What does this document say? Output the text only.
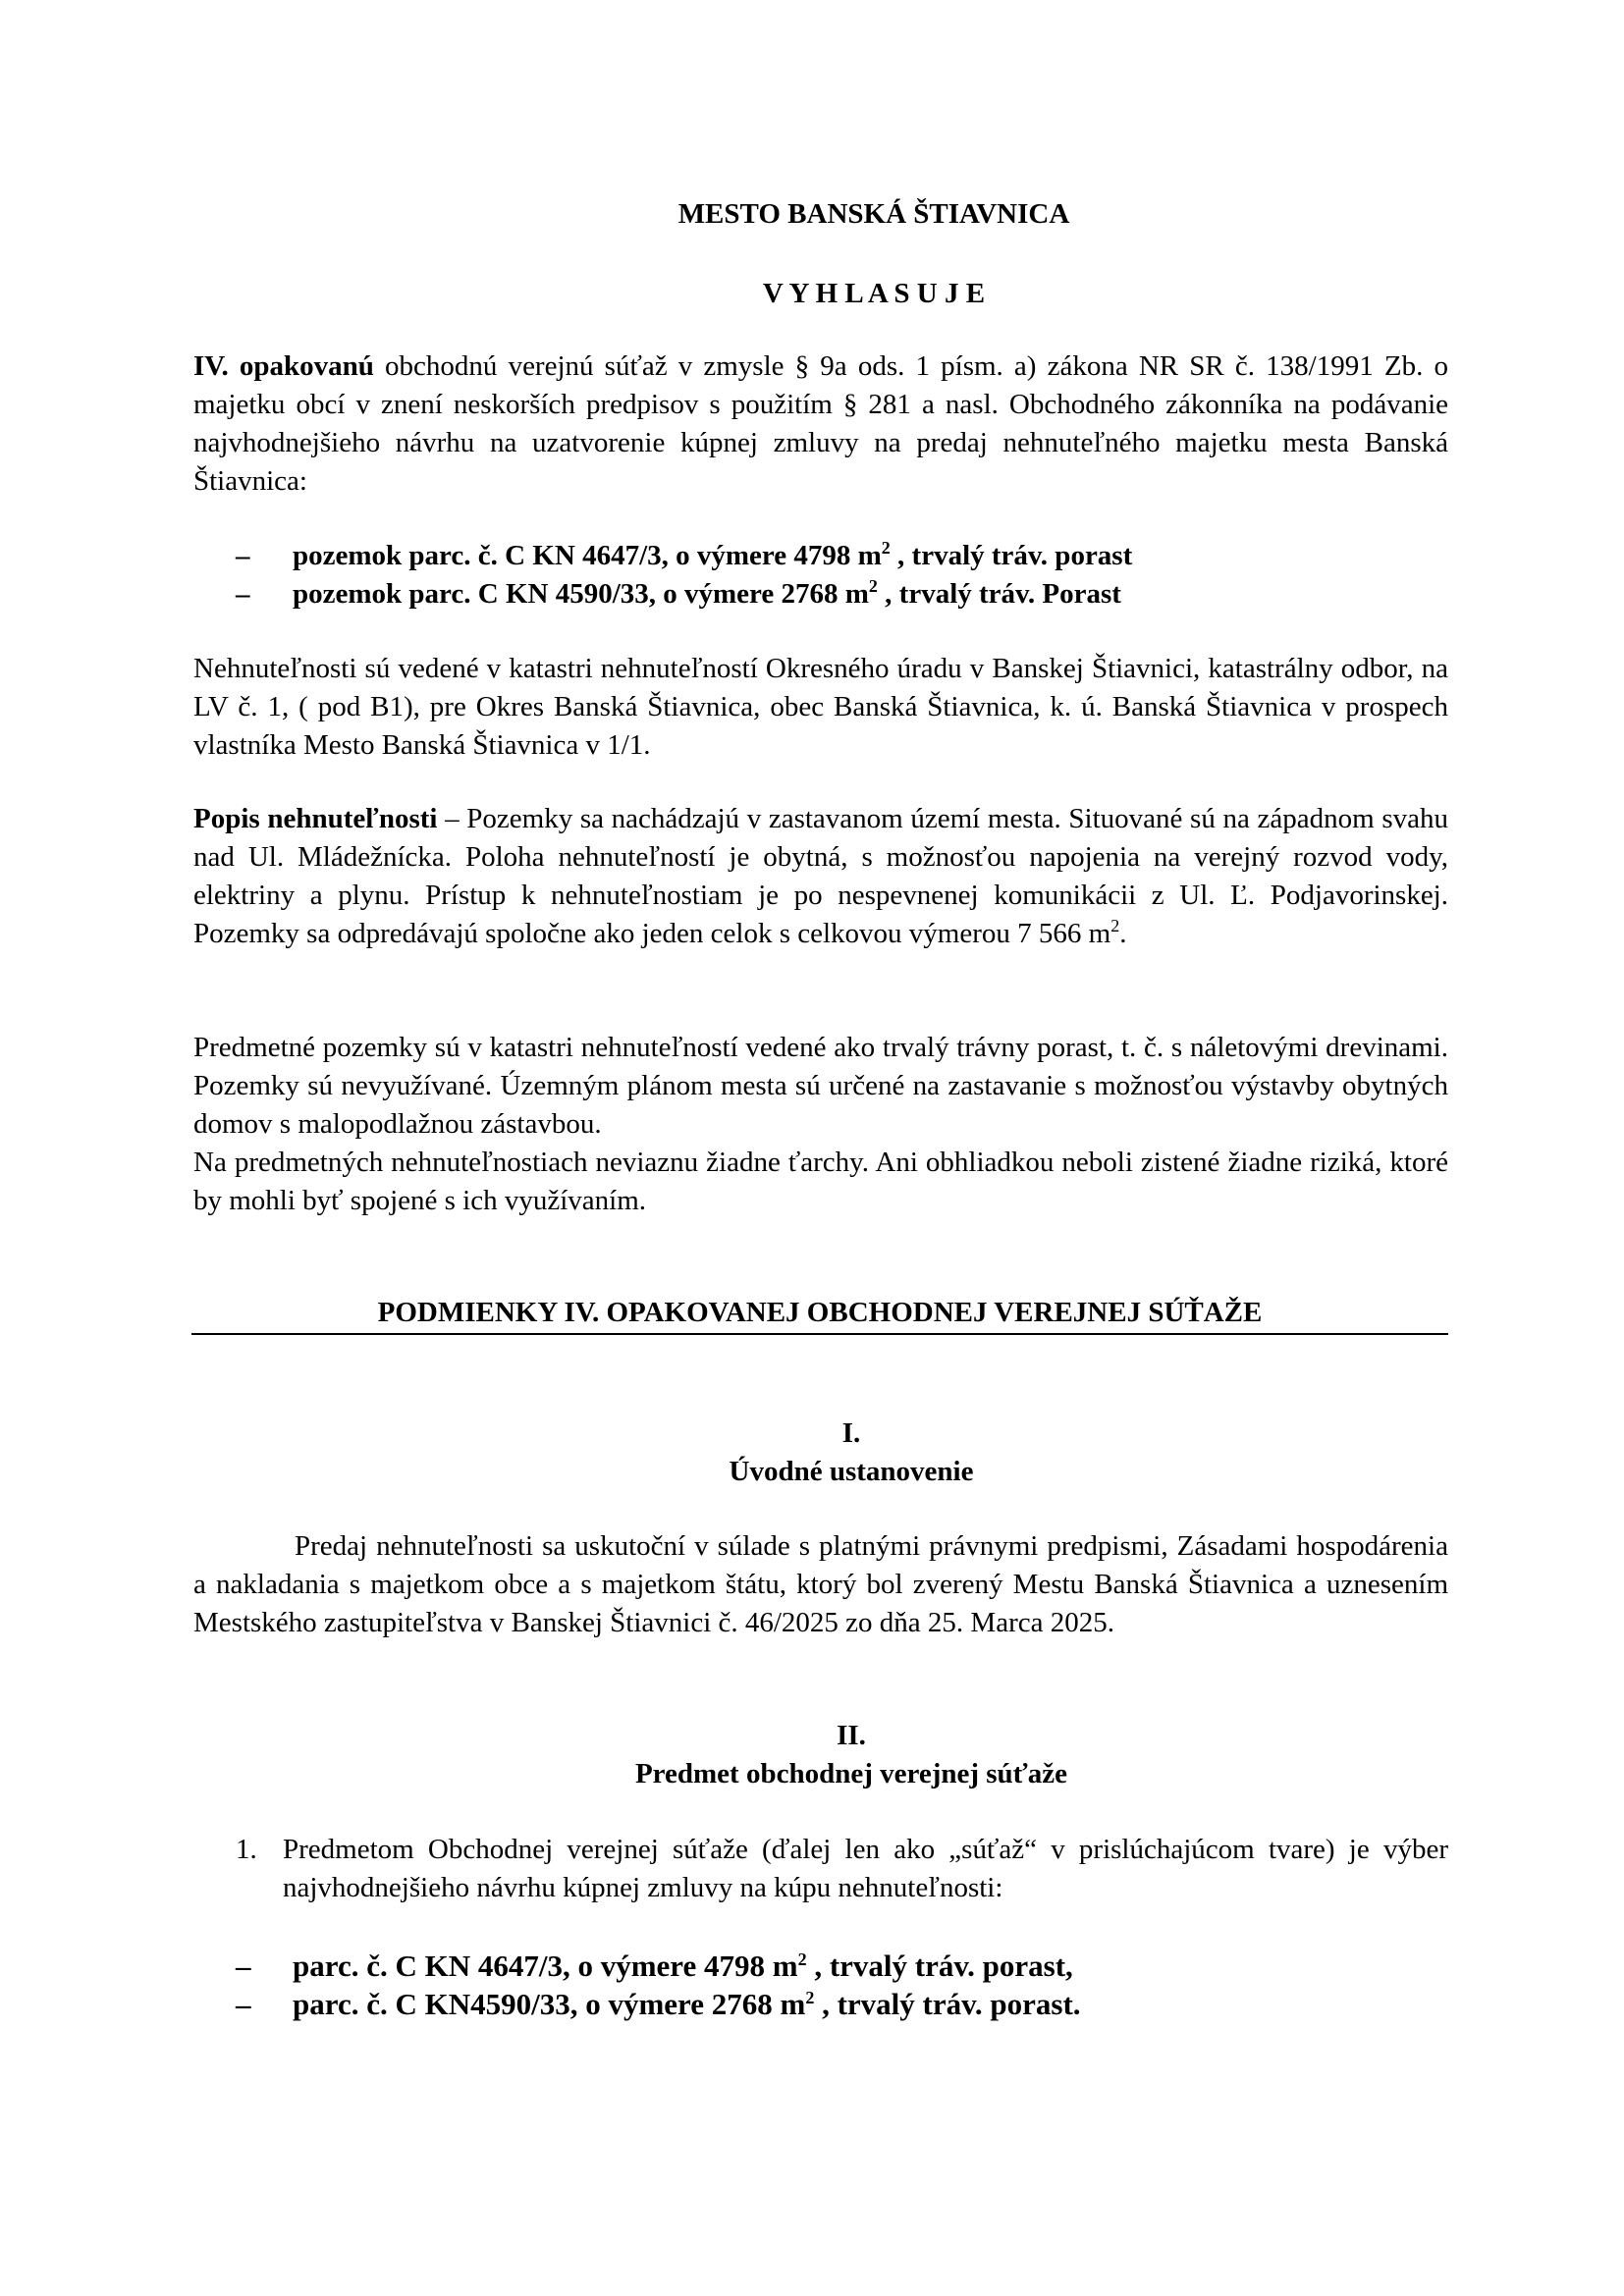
MESTO BANSKÁ ŠTIAVNICA
V Y H L A S U J E
IV. opakovanú obchodnú verejnú súťaž v zmysle § 9a ods. 1 písm. a) zákona NR SR č. 138/1991 Zb. o majetku obcí v znení neskorších predpisov s použitím § 281 a nasl. Obchodného zákonníka na podávanie najvhodnejšieho návrhu na uzatvorenie kúpnej zmluvy na predaj nehnuteľného majetku mesta Banská Štiavnica:
– pozemok parc. č. C KN 4647/3, o výmere 4798 $m^2$ , trvalý tráv. porast
– pozemok parc. C KN 4590/33, o výmere 2768 $m^2$ , trvalý tráv. Porast
Nehnuteľnosti sú vedené v katastri nehnuteľností Okresného úradu v Banskej Štiavnici, katastrálny odbor, na LV č. 1, ( pod B1), pre Okres Banská Štiavnica, obec Banská Štiavnica, k. ú. Banská Štiavnica v prospech vlastníka Mesto Banská Štiavnica v 1/1.
Popis nehnuteľnosti – Pozemky sa nachádzajú v zastavanom území mesta. Situované sú na západnom svahu nad Ul. Mládežnícka. Poloha nehnuteľností je obytná, s možnosťou napojenia na verejný rozvod vody, elektriny a plynu. Prístup k nehnuteľnostiam je po nespevnenej komunikácii z Ul. Ľ. Podjavorinskej. Pozemky sa odpredávajú spoločne ako jeden celok s celkovou výmerou 7 566 $m^2$.
Predmetné pozemky sú v katastri nehnuteľností vedené ako trvalý trávny porast, t. č. s náletovými drevinami. Pozemky sú nevyužívané. Územným plánom mesta sú určené na zastavanie s možnosťou výstavby obytných domov s malopodlažnou zástavbou.
Na predmetných nehnuteľnostiach neviaznu žiadne ťarchy. Ani obhliadkou neboli zistené žiadne riziká, ktoré by mohli byť spojené s ich využívaním.
PODMIENKY IV. OPAKOVANEJ OBCHODNEJ VEREJNEJ SÚŤAŽE
I.
Úvodné ustanovenie
Predaj nehnuteľnosti sa uskutoční v súlade s platnými právnymi predpismi, Zásadami hospodárenia a nakladania s majetkom obce a s majetkom štátu, ktorý bol zverený Mestu Banská Štiavnica a uznesením Mestského zastupiteľstva v Banskej Štiavnici č. 46/2025 zo dňa 25. Marca 2025.
II.
Predmet obchodnej verejnej súťaže
1. Predmetom Obchodnej verejnej súťaže (ďalej len ako „súťaž“ v prislúchajúcom tvare) je výber najvhodnejšieho návrhu kúpnej zmluvy na kúpu nehnuteľnosti:
– parc. č. C KN 4647/3, o výmere 4798 $m^2$ , trvalý tráv. porast,
– parc. č. C KN4590/33, o výmere 2768 $m^2$ , trvalý tráv. porast.
